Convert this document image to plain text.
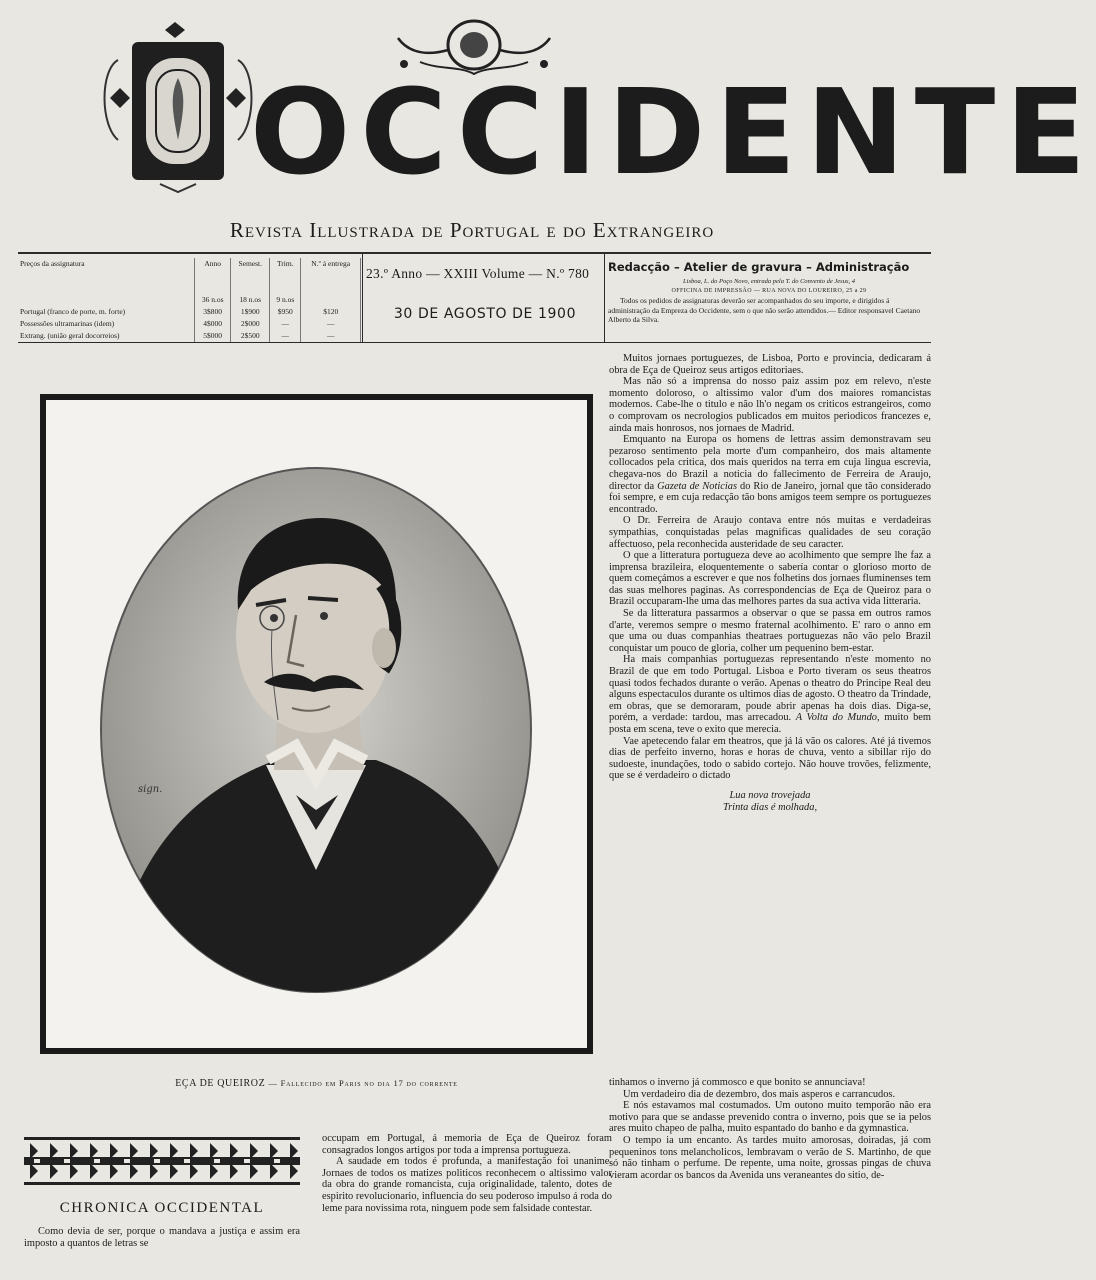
OCCIDENTE
Revista Illustrada de Portugal e do Extrangeiro
Preços da assignatura	Anno	Semest.	Trim.	N.º á entrega
	36 n.os	18 n.os	9 n.os	
Portugal (franco de porte, m. forte)	3$800	1$900	$950	$120
Possessões ultramarinas (idem)	4$000	2$000	—	—
Extrang. (união geral docorreios)	5$000	2$500	—	—
23.º Anno — XXIII Volume — N.º 780
30 DE AGOSTO DE 1900
Redacção – Atelier de gravura – Administração
Lisboa, L. do Poço Novo, entrada pela T. do Convento de Jesus, 4
OFFICINA DE IMPRESSÃO — RUA NOVA DO LOUREIRO, 25 a 29
Todos os pedidos de assignaturas deverão ser acompanhados do seu importe, e dirigidos á administração da Empreza do Occidente, sem o que não serão attendidos.— Editor responsavel Caetano Alberto da Silva.
sign.
EÇA DE QUEIROZ — Fallecido em Paris no dia 17 do corrente
CHRONICA OCCIDENTAL

Como devia de ser, porque o mandava a justiça e assim era imposto a quantos de letras se

occupam em Portugal, á memoria de Eça de Queiroz foram consagrados longos artigos por toda a imprensa portugueza.

A saudade em todos é profunda, a manifestação foi unanime. Jornaes de todos os matizes politicos reconhecem o altissimo valor da obra do grande romancista, cuja originalidade, talento, dotes de espirito revolucionario, influencia do seu poderoso impulso á roda do leme para novissima rota, ninguem pode sem falsidade contestar.

Muitos jornaes portuguezes, de Lisboa, Porto e provincia, dedicaram á obra de Eça de Queiroz seus artigos editoriaes.

Mas não só a imprensa do nosso paiz assim poz em relevo, n'este momento doloroso, o altissimo valor d'um dos maiores romancistas modernos. Cabe-lhe o titulo e não lh'o negam os criticos estrangeiros, como o comprovam os necrologios publicados em muitos periodicos francezes e, ainda mais honrosos, nos jornaes de Madrid.

Emquanto na Europa os homens de lettras assim demonstravam seu pezaroso sentimento pela morte d'um companheiro, dos mais altamente collocados pela critica, dos mais queridos na terra em cuja lingua escrevia, chegava-nos do Brazil a noticia do fallecimento de Ferreira de Araujo, director da Gazeta de Noticias do Rio de Janeiro, jornal que tão considerado foi sempre, e em cuja redacção tão bons amigos teem sempre os portuguezes encontrado.

O Dr. Ferreira de Araujo contava entre nós muitas e verdadeiras sympathias, conquistadas pelas magnificas qualidades de seu coração affectuoso, pela reconhecida austeridade de seu caracter.

O que a litteratura portugueza deve ao acolhimento que sempre lhe faz a imprensa brazileira, eloquentemente o sabería contar o glorioso morto de quem começámos a escrever e que nos folhetins dos jornaes fluminenses tem das suas melhores paginas. As correspondencias de Eça de Queiroz para o Brazil occuparam-lhe uma das melhores partes da sua activa vida litteraria.

Se da litteratura passarmos a observar o que se passa em outros ramos d'arte, veremos sempre o mesmo fraternal acolhimento. E' raro o anno em que uma ou duas companhias theatraes portuguezas não vão pelo Brazil conquistar um pouco de gloria, colher um pequenino bem-estar.

Ha mais companhias portuguezas representando n'este momento no Brazil de que em todo Portugal. Lisboa e Porto tiveram os seus theatros quasi todos fechados durante o verão. Apenas o theatro do Principe Real deu alguns espectaculos durante os ultimos dias de agosto. O theatro da Trindade, em obras, que se demoraram, poude abrir apenas ha dois dias. Diga-se, porém, a verdade: tardou, mas arrecadou. A Volta do Mundo, muito bem posta em scena, teve o exito que merecia.

Vae apetecendo falar em theatros, que já lá vão os calores. Até já tivemos dias de perfeito inverno, horas e horas de chuva, vento a sibillar rijo do sudoeste, inundações, todo o sabido cortejo. Não houve trovões, felizmente, que se é verdadeiro o dictado

Lua nova trovejada
Trinta dias é molhada,

tinhamos o inverno já commosco e que bonito se annunciava!

Um verdadeiro dia de dezembro, dos mais asperos e carrancudos.

E nós estavamos mal costumados. Um outono muito temporão não era motivo para que se andasse prevenido contra o inverno, pois que se ia pelos ares muito chapeo de palha, muito espantado do banho e da gymnastica.

O tempo ia um encanto. As tardes muito amorosas, doiradas, já com pequeninos tons melancholicos, lembravam o verão de S. Martinho, de que só não tinham o perfume. De repente, uma noite, grossas pingas de chuva vieram acordar os bancos da Avenida uns veraneantes do sitio, de-
